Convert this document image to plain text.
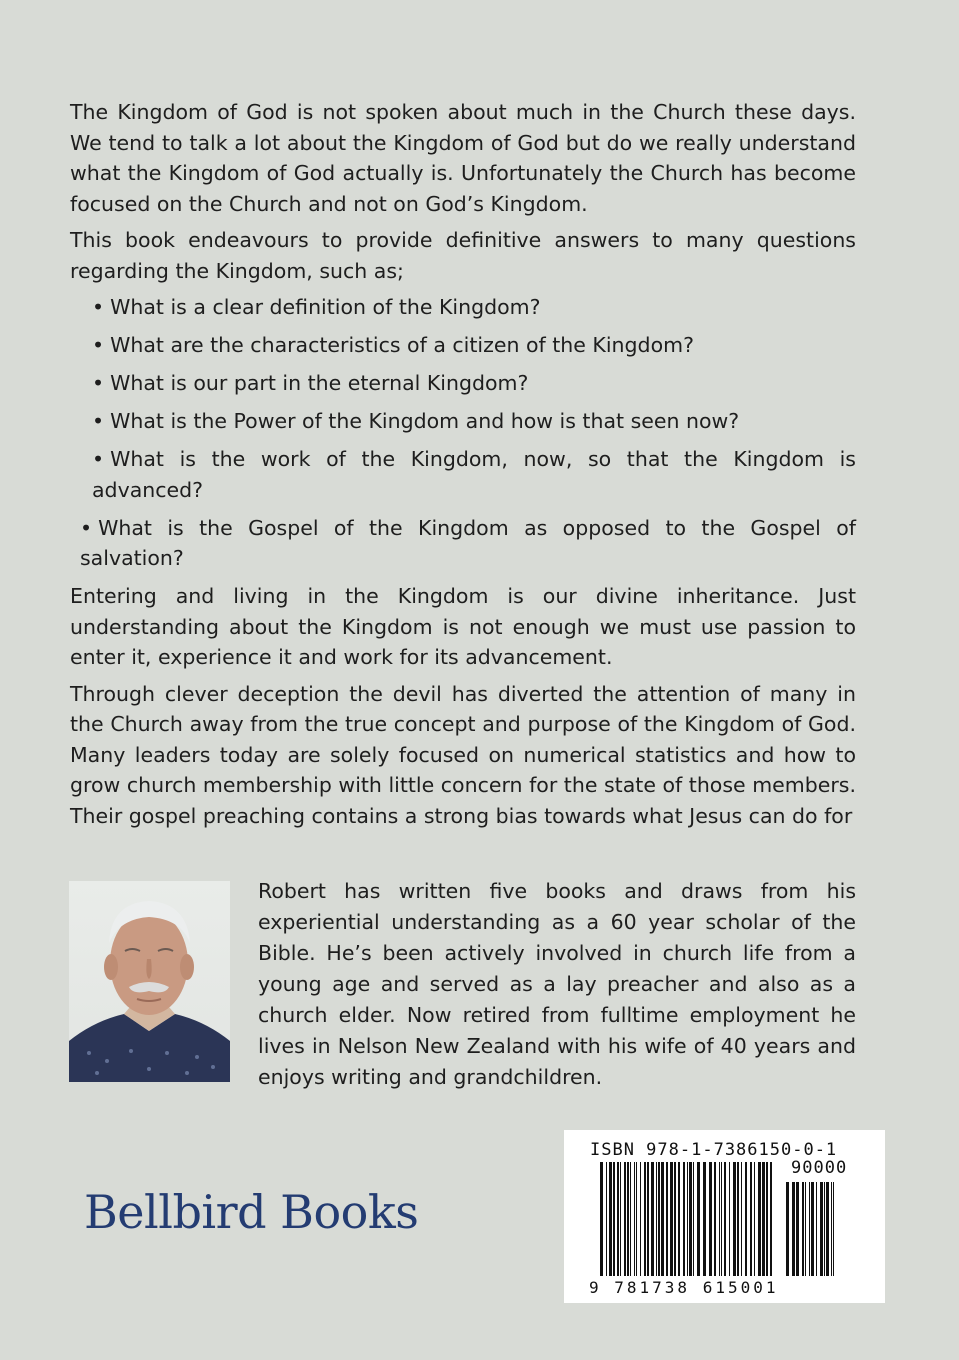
The Kingdom of God is not spoken about much in the Church these days. We tend to talk a lot about the Kingdom of God but do we really understand what the Kingdom of God actually is. Unfortunately the Church has become focused on the Church and not on God’s Kingdom.

This book endeavours to provide definitive answers to many questions regarding the Kingdom, such as;

• What is a clear definition of the Kingdom?
• What are the characteristics of a citizen of the Kingdom?
• What is our part in the eternal Kingdom?
• What is the Power of the Kingdom and how is that seen now?
• What is the work of the Kingdom, now, so that the Kingdom is advanced?
• What is the Gospel of the Kingdom as opposed to the Gospel of salvation?

Entering and living in the Kingdom is our divine inheritance. Just understanding about the Kingdom is not enough we must use passion to enter it, experience it and work for its advancement.

Through clever deception the devil has diverted the attention of many in the Church away from the true concept and purpose of the Kingdom of God. Many leaders today are solely focused on numerical statistics and how to grow church membership with little concern for the state of those members. Their gospel preaching contains a strong bias towards what Jesus can do for

Robert has written five books and draws from his experiential understanding as a 60 year scholar of the Bible. He’s been actively involved in church life from a young age and served as a lay preacher and also as a church elder. Now retired from fulltime employment he lives in Nelson New Zealand with his wife of 40 years and enjoys writing and grandchildren.

Bellbird Books
ISBN 978-1-7386150-0-1
90000
9 781738 615001
